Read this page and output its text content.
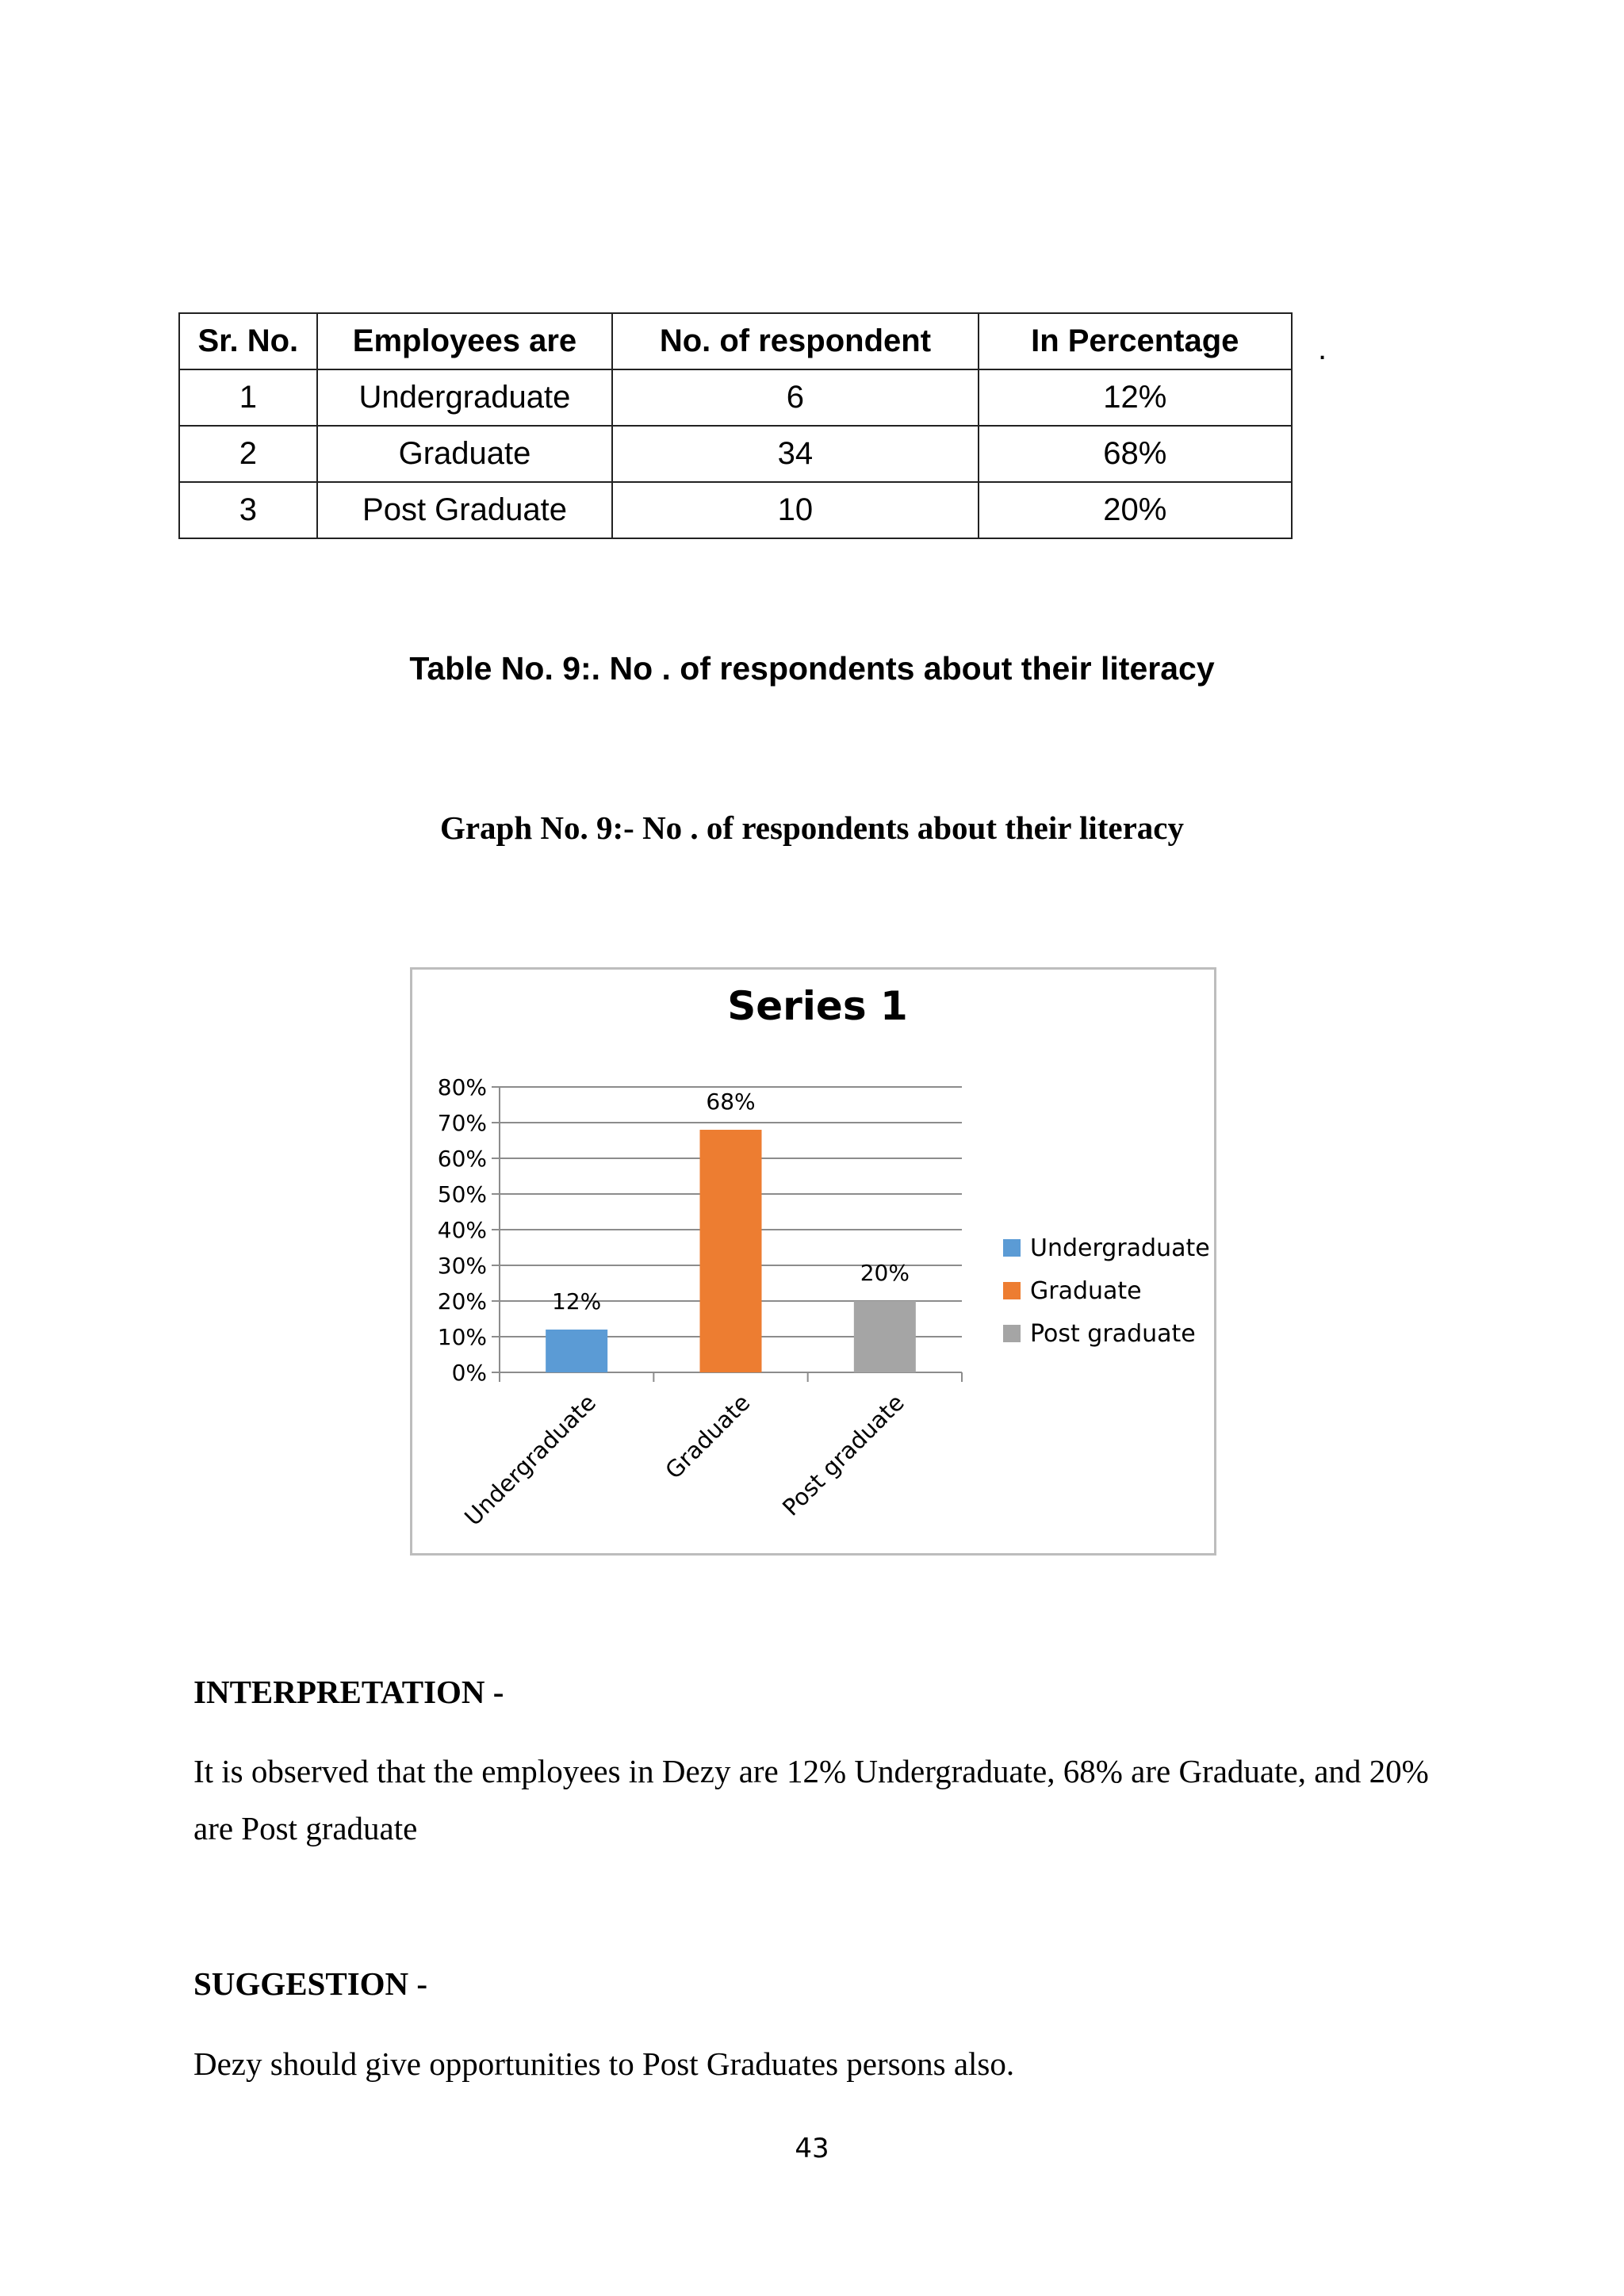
Sr. No.	Employees are	No. of respondent	In Percentage
1	Undergraduate	6	12%
2	Graduate	34	68%
3	Post Graduate	10	20%
.
Table No. 9:. No . of respondents about their literacy
Graph No. 9:- No . of respondents about their literacy
Series 1
0%
10%
20%
30%
40%
50%
60%
70%
80%
12%
Undergraduate
68%
Graduate
20%
Post graduate
Undergraduate
Graduate
Post graduate
INTERPRETATION -
It is observed that the employees in Dezy are 12% Undergraduate, 68% are Graduate, and 20%
are Post graduate
SUGGESTION -
Dezy should give opportunities to Post Graduates persons also.
43
